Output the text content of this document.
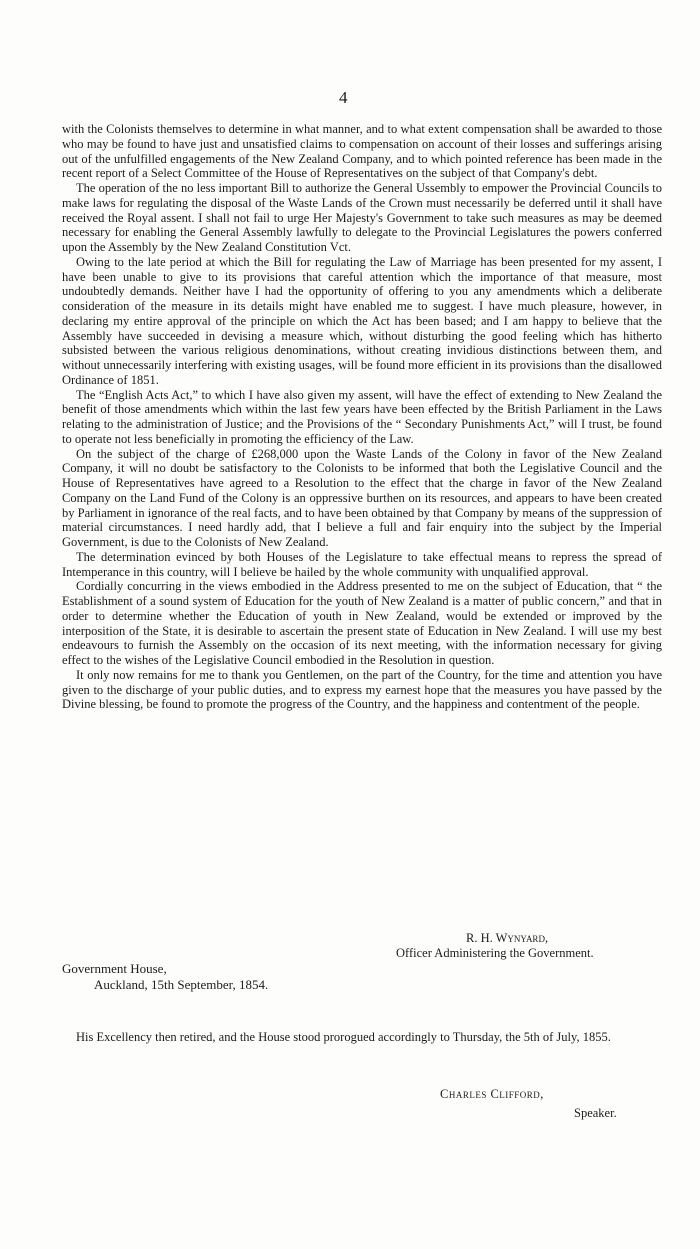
4

with the Colonists themselves to determine in what manner, and to what extent compensation shall be awarded to those who may be found to have just and unsatisfied claims to compensation on account of their losses and sufferings arising out of the unfulfilled engagements of the New Zealand Company, and to which pointed reference has been made in the recent report of a Select Committee of the House of Representatives on the subject of that Company's debt.

The operation of the no less important Bill to authorize the General Ussembly to empower the Provincial Councils to make laws for regulating the disposal of the Waste Lands of the Crown must necessarily be deferred until it shall have received the Royal assent. I shall not fail to urge Her Majesty's Government to take such measures as may be deemed necessary for enabling the General Assembly lawfully to delegate to the Provincial Legislatures the powers conferred upon the Assembly by the New Zealand Constitution Vct.

Owing to the late period at which the Bill for regulating the Law of Marriage has been presented for my assent, I have been unable to give to its provisions that careful attention which the importance of that measure, most undoubtedly demands. Neither have I had the opportunity of offering to you any amendments which a deliberate consideration of the measure in its details might have enabled me to suggest. I have much pleasure, however, in declaring my entire approval of the principle on which the Act has been based; and I am happy to believe that the Assembly have succeeded in devising a measure which, without disturbing the good feeling which has hitherto subsisted between the various religious denominations, without creating invidious distinctions between them, and without unnecessarily interfering with existing usages, will be found more efficient in its provisions than the disallowed Ordinance of 1851.

The “English Acts Act,” to which I have also given my assent, will have the effect of extending to New Zealand the benefit of those amendments which within the last few years have been effected by the British Parliament in the Laws relating to the administration of Justice; and the Provisions of the “ Secondary Punishments Act,” will I trust, be found to operate not less beneficially in promoting the efficiency of the Law.

On the subject of the charge of £268,000 upon the Waste Lands of the Colony in favor of the New Zealand Company, it will no doubt be satisfactory to the Colonists to be informed that both the Legislative Council and the House of Representatives have agreed to a Resolution to the effect that the charge in favor of the New Zealand Company on the Land Fund of the Colony is an oppressive burthen on its resources, and appears to have been created by Parliament in ignorance of the real facts, and to have been obtained by that Company by means of the suppression of material circumstances. I need hardly add, that I believe a full and fair enquiry into the subject by the Imperial Government, is due to the Colonists of New Zealand.

The determination evinced by both Houses of the Legislature to take effectual means to repress the spread of Intemperance in this country, will I believe be hailed by the whole community with unqualified approval.

Cordially concurring in the views embodied in the Address presented to me on the subject of Education, that “ the Establishment of a sound system of Education for the youth of New Zealand is a matter of public concern,” and that in order to determine whether the Education of youth in New Zealand, would be extended or improved by the interposition of the State, it is desirable to ascertain the present state of Education in New Zealand. I will use my best endeavours to furnish the Assembly on the occasion of its next meeting, with the information necessary for giving effect to the wishes of the Legislative Council embodied in the Resolution in question.

It only now remains for me to thank you Gentlemen, on the part of the Country, for the time and attention you have given to the discharge of your public duties, and to express my earnest hope that the measures you have passed by the Divine blessing, be found to promote the progress of the Country, and the happiness and contentment of the people.

R. H. Wynyard,
Officer Administering the Government.
Government House,
Auckland, 15th September, 1854.
His Excellency then retired, and the House stood prorogued accordingly to Thursday, the 5th of July, 1855.
Charles Clifford,
Speaker.
